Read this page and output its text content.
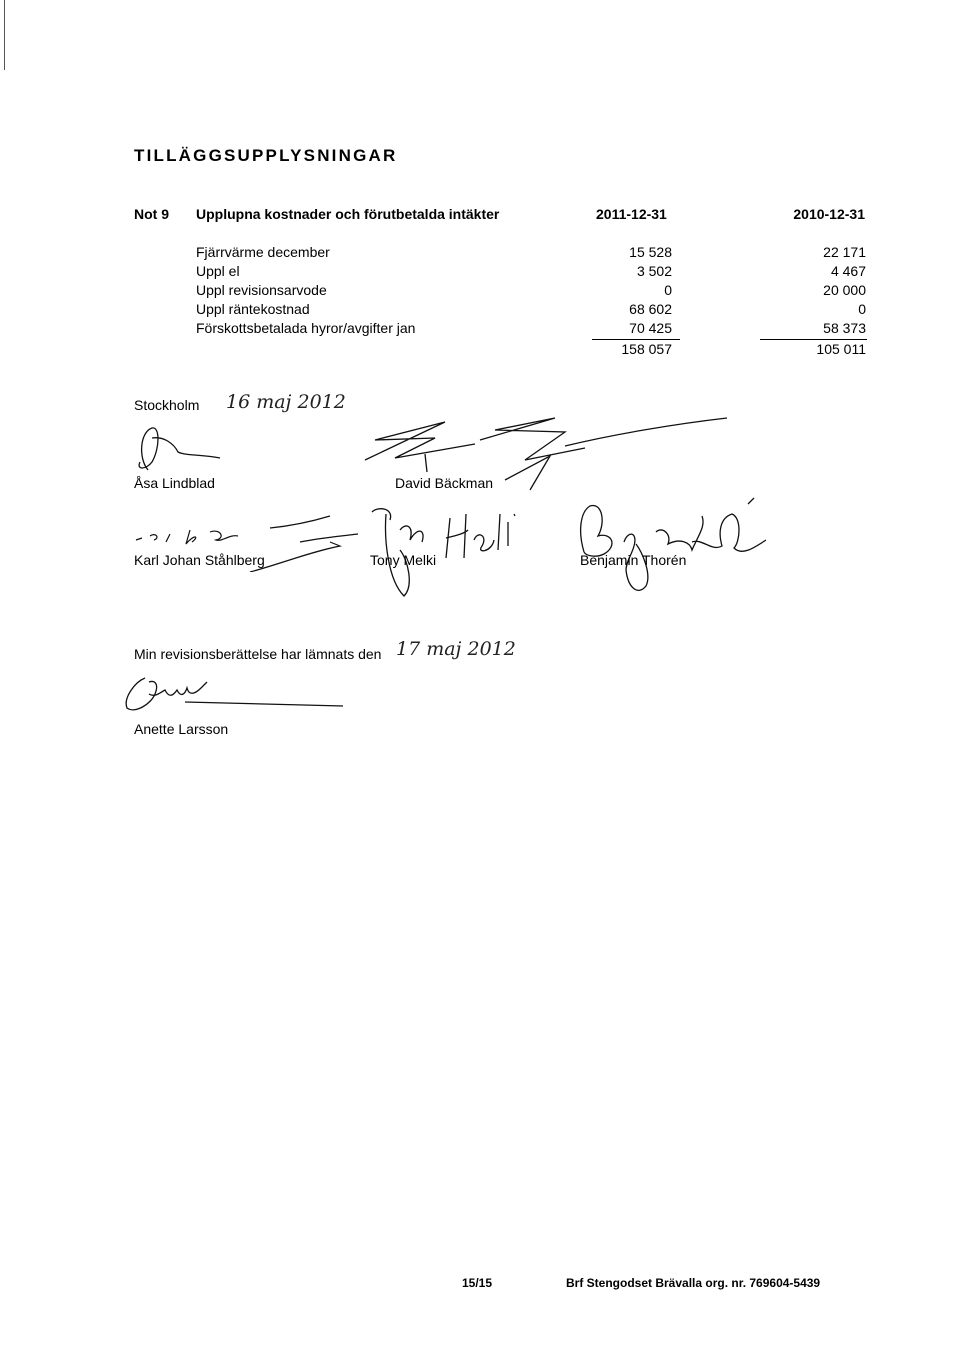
TILLÄGGSUPPLYSNINGAR
Not 9 Upplupna kostnader och förutbetalda intäkter	2011-12-31	2010-12-31
Fjärrvärme december	15 528	22 171
Uppl el	3 502	4 467
Uppl revisionsarvode	0	20 000
Uppl räntekostnad	68 602	0
Förskottsbetalada hyror/avgifter jan	70 425	58 373
158 057	105 011
Stockholm 16 maj 2012
Åsa Lindblad	David Bäckman
Karl Johan Ståhlberg	Tony Melki	Benjamin Thorén
Min revisionsberättelse har lämnats den 17 maj 2012
Anette Larsson
15/15	Brf Stengodset Brävalla org. nr. 769604-5439
